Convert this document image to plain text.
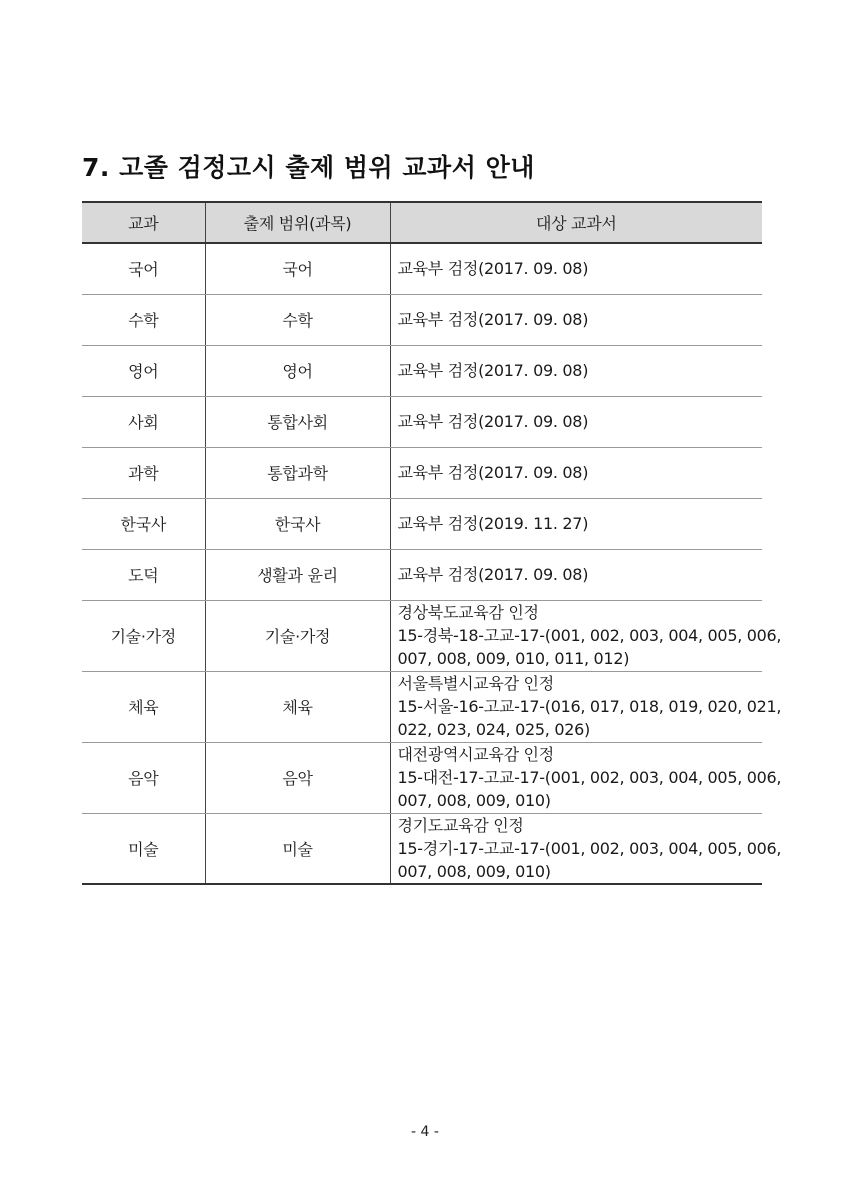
7. 고졸 검정고시 출제 범위 교과서 안내
교과	출제 범위(과목)	대상 교과서
국어	국어	교육부 검정(2017. 09. 08)

수학	수학	교육부 검정(2017. 09. 08)

영어	영어	교육부 검정(2017. 09. 08)

사회	통합사회	교육부 검정(2017. 09. 08)

과학	통합과학	교육부 검정(2017. 09. 08)

한국사	한국사	교육부 검정(2019. 11. 27)

도덕	생활과 윤리	교육부 검정(2017. 09. 08)

기술·가정	기술·가정	경상북도교육감 인정
15-경북-18-고교-17-(001, 002, 003, 004, 005, 006,
007, 008, 009, 010, 011, 012)

체육	체육	서울특별시교육감 인정
15-서울-16-고교-17-(016, 017, 018, 019, 020, 021,
022, 023, 024, 025, 026)

음악	음악	대전광역시교육감 인정
15-대전-17-고교-17-(001, 002, 003, 004, 005, 006,
007, 008, 009, 010)

미술	미술	경기도교육감 인정
15-경기-17-고교-17-(001, 002, 003, 004, 005, 006,
007, 008, 009, 010)
- 4 -
